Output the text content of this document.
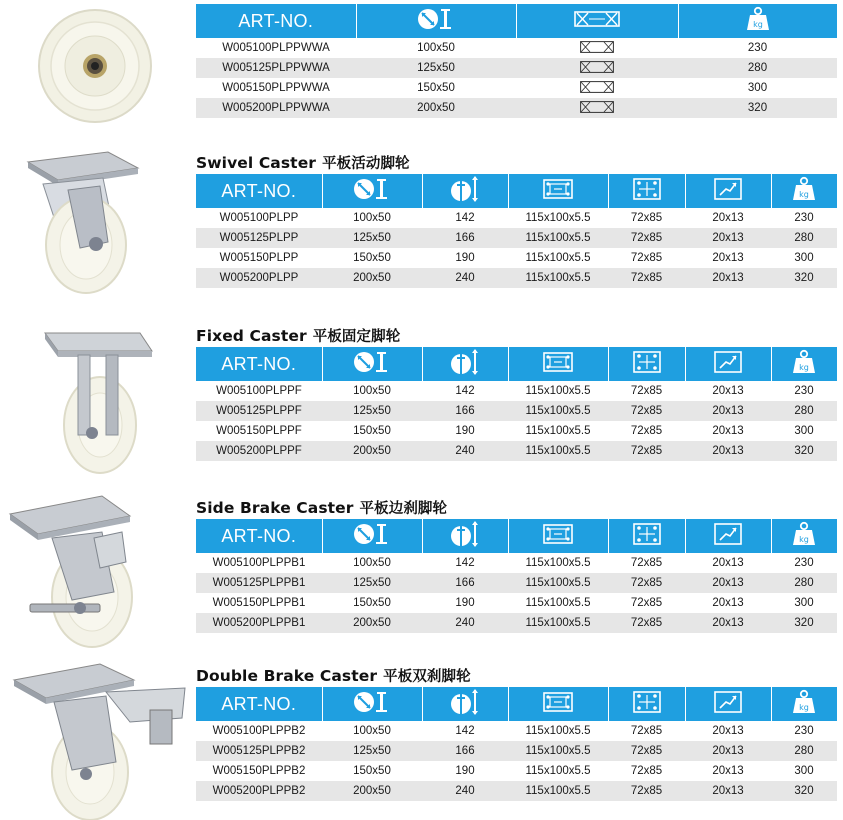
ART-NO.			kg

W005100PLPPWWA	100x50		230
W005125PLPPWWA	125x50		280
W005150PLPPWWA	150x50		300
W005200PLPPWWA	200x50		320
Swivel Caster 平板活动脚轮
ART-NO.						kg

W005100PLPP	100x50	142	115x100x5.5	72x85	20x13	230
W005125PLPP	125x50	166	115x100x5.5	72x85	20x13	280
W005150PLPP	150x50	190	115x100x5.5	72x85	20x13	300
W005200PLPP	200x50	240	115x100x5.5	72x85	20x13	320
Fixed Caster 平板固定脚轮
ART-NO.						kg

W005100PLPPF	100x50	142	115x100x5.5	72x85	20x13	230
W005125PLPPF	125x50	166	115x100x5.5	72x85	20x13	280
W005150PLPPF	150x50	190	115x100x5.5	72x85	20x13	300
W005200PLPPF	200x50	240	115x100x5.5	72x85	20x13	320
Side Brake Caster 平板边刹脚轮
ART-NO.						kg

W005100PLPPB1	100x50	142	115x100x5.5	72x85	20x13	230
W005125PLPPB1	125x50	166	115x100x5.5	72x85	20x13	280
W005150PLPPB1	150x50	190	115x100x5.5	72x85	20x13	300
W005200PLPPB1	200x50	240	115x100x5.5	72x85	20x13	320
Double Brake Caster 平板双刹脚轮
ART-NO.						kg

W005100PLPPB2	100x50	142	115x100x5.5	72x85	20x13	230
W005125PLPPB2	125x50	166	115x100x5.5	72x85	20x13	280
W005150PLPPB2	150x50	190	115x100x5.5	72x85	20x13	300
W005200PLPPB2	200x50	240	115x100x5.5	72x85	20x13	320
